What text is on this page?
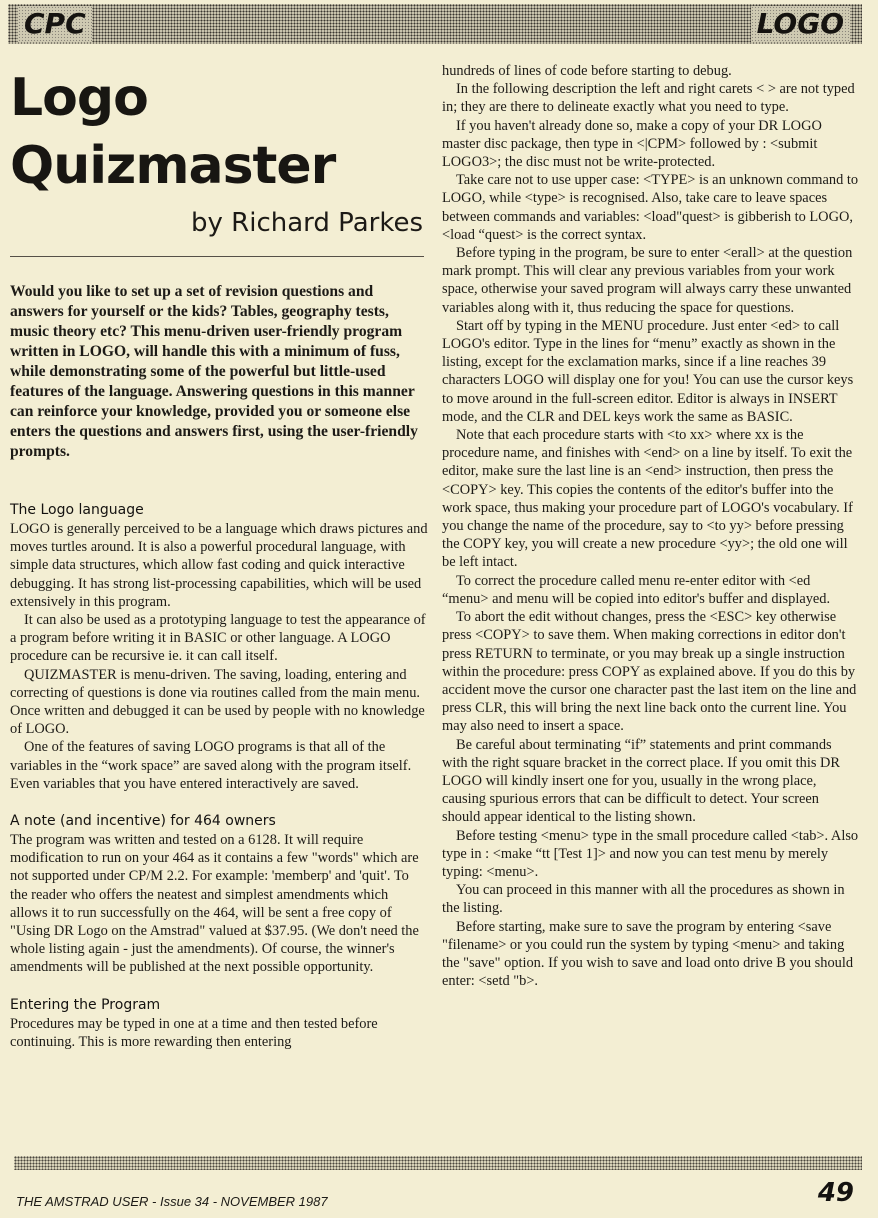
CPC	LOGO
Logo
Quizmaster
by Richard Parkes
Would you like to set up a set of revision questions and answers for yourself or the kids? Tables, geography tests, music theory etc? This menu-driven user-friendly program written in LOGO, will handle this with a minimum of fuss, while demonstrating some of the powerful but little-used features of the language. Answering questions in this manner can reinforce your knowledge, provided you or someone else enters the questions and answers first, using the user-friendly prompts.
The Logo language

LOGO is generally perceived to be a language which draws pictures and moves turtles around. It is also a powerful procedural language, with simple data structures, which allow fast coding and quick interactive debugging. It has strong list-processing capabilities, which will be used extensively in this program.

It can also be used as a prototyping language to test the appearance of a program before writing it in BASIC or other language. A LOGO procedure can be recursive ie. it can call itself.

QUIZMASTER is menu-driven. The saving, loading, entering and correcting of questions is done via routines called from the main menu. Once written and debugged it can be used by people with no knowledge of LOGO.

One of the features of saving LOGO programs is that all of the variables in the “work space” are saved along with the program itself. Even variables that you have entered interactively are saved.

A note (and incentive) for 464 owners

The program was written and tested on a 6128. It will require modification to run on your 464 as it contains a few "words" which are not supported under CP/M 2.2. For example: 'memberp' and 'quit'. To the reader who offers the neatest and simplest amendments which allows it to run successfully on the 464, will be sent a free copy of "Using DR Logo on the Amstrad" valued at $37.95. (We don't need the whole listing again - just the amendments). Of course, the winner's amendments will be published at the next possible opportunity.

Entering the Program

Procedures may be typed in one at a time and then tested before continuing. This is more rewarding then entering

hundreds of lines of code before starting to debug.

In the following description the left and right carets < > are not typed in; they are there to delineate exactly what you need to type.

If you haven't already done so, make a copy of your DR LOGO master disc package, then type in <|CPM> followed by : <submit LOGO3>; the disc must not be write-protected.

Take care not to use upper case: <TYPE> is an unknown command to LOGO, while <type> is recognised. Also, take care to leave spaces between commands and variables: <load"quest> is gibberish to LOGO, <load “quest> is the correct syntax.

Before typing in the program, be sure to enter <erall> at the question mark prompt. This will clear any previous variables from your work space, otherwise your saved program will always carry these unwanted variables along with it, thus reducing the space for questions.

Start off by typing in the MENU procedure. Just enter <ed> to call LOGO's editor. Type in the lines for “menu” exactly as shown in the listing, except for the exclamation marks, since if a line reaches 39 characters LOGO will display one for you! You can use the cursor keys to move around in the full-screen editor. Editor is always in INSERT mode, and the CLR and DEL keys work the same as BASIC.

Note that each procedure starts with <to xx> where xx is the procedure name, and finishes with <end> on a line by itself. To exit the editor, make sure the last line is an <end> instruction, then press the <COPY> key. This copies the contents of the editor's buffer into the work space, thus making your procedure part of LOGO's vocabulary. If you change the name of the procedure, say to <to yy> before pressing the COPY key, you will create a new procedure <yy>; the old one will be left intact.

To correct the procedure called menu re-enter editor with <ed “menu> and menu will be copied into editor's buffer and displayed.

To abort the edit without changes, press the <ESC> key otherwise press <COPY> to save them. When making corrections in editor don't press RETURN to terminate, or you may break up a single instruction within the procedure: press COPY as explained above. If you do this by accident move the cursor one character past the last item on the line and press CLR, this will bring the next line back onto the current line. You may also need to insert a space.

Be careful about terminating “if” statements and print commands with the right square bracket in the correct place. If you omit this DR LOGO will kindly insert one for you, usually in the wrong place, causing spurious errors that can be difficult to detect. Your screen should appear identical to the listing shown.

Before testing <menu> type in the small procedure called <tab>. Also type in : <make “tt [Test 1]> and now you can test menu by merely typing: <menu>.

You can proceed in this manner with all the procedures as shown in the listing.

Before starting, make sure to save the program by entering <save "filename> or you could run the system by typing <menu> and taking the "save" option. If you wish to save and load onto drive B you should enter: <setd "b>.

THE AMSTRAD USER - Issue 34 - NOVEMBER 1987	49
